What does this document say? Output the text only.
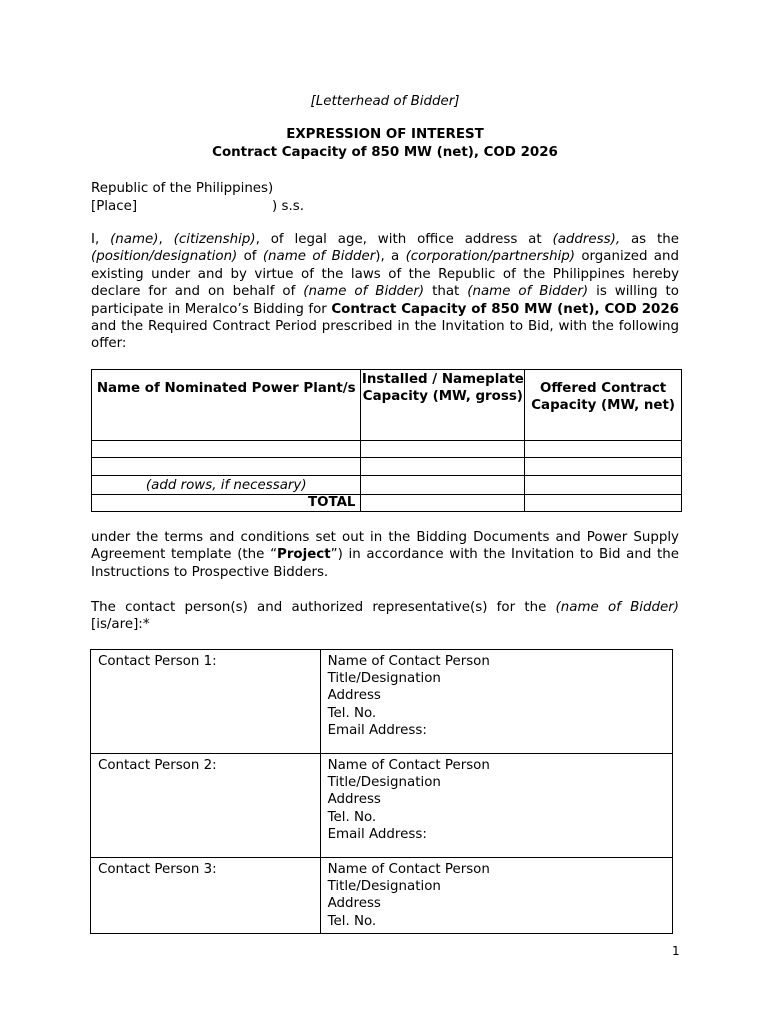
[Letterhead of Bidder]
EXPRESSION OF INTEREST
Contract Capacity of 850 MW (net), COD 2026
Republic of the Philippines)
[Place]	) s.s.

I, (name), (citizenship), of legal age, with office address at (address), as the (position/designation) of (name of Bidder), a (corporation/partnership) organized and existing under and by virtue of the laws of the Republic of the Philippines hereby declare for and on behalf of (name of Bidder) that (name of Bidder) is willing to participate in Meralco’s Bidding for Contract Capacity of 850 MW (net), COD 2026 and the Required Contract Period prescribed in the Invitation to Bid, with the following offer:

Name of Nominated Power Plant/s	Installed / Nameplate Capacity (MW, gross)	Offered Contract Capacity (MW, net)

(add rows, if necessary)		
TOTAL		

under the terms and conditions set out in the Bidding Documents and Power Supply Agreement template (the “Project”) in accordance with the Invitation to Bid and the Instructions to Prospective Bidders.

The contact person(s) and authorized representative(s) for the (name of Bidder) [is/are]:*

Contact Person 1:	Name of Contact Person
Title/Designation
Address
Tel. No.
Email Address:

Contact Person 2:	Name of Contact Person
Title/Designation
Address
Tel. No.
Email Address:

Contact Person 3:	Name of Contact Person
Title/Designation
Address
Tel. No.
1
